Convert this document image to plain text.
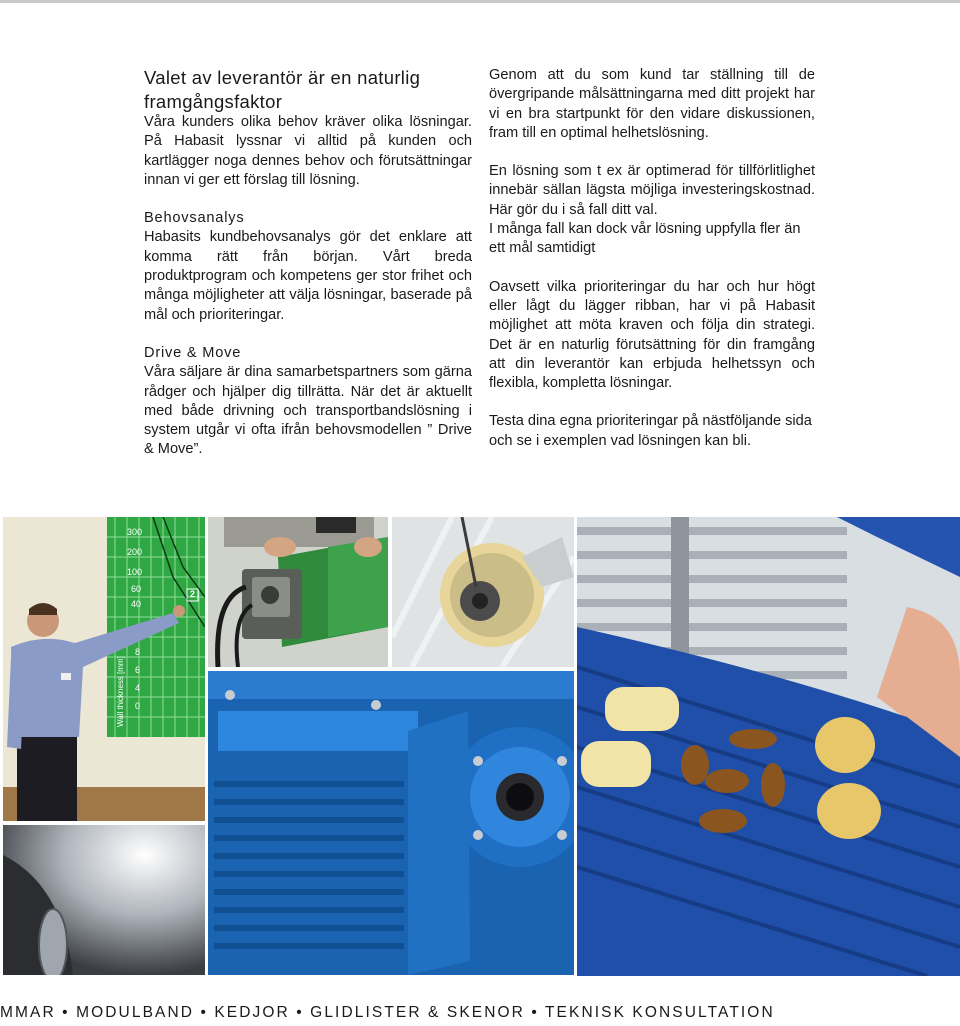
Valet av leverantör är en naturlig

framgångsfaktor

Våra kunders olika behov kräver olika lösningar. På Habasit lyssnar vi alltid på kunden och kartlägger noga dennes behov och förutsättningar innan vi ger ett förslag till lösning.

Behovsanalys

Habasits kundbehovsanalys gör det enklare att komma rätt från början. Vårt breda produktprogram och kompetens ger stor frihet och många möjligheter att välja lösningar, baserade på mål och prioriteringar.

Drive & Move

Våra säljare är dina samarbetspartners som gärna rådger och hjälper dig tillrätta. När det är aktuellt med både drivning och transportbandslösning i system utgår vi ofta ifrån behovsmodellen ” Drive & Move”.

Genom att du som kund tar ställning till de övergripande målsättningarna med ditt projekt har vi en bra startpunkt för den vidare diskussionen, fram till en optimal helhetslösning.

En lösning som t ex är optimerad för tillförlitlighet innebär sällan lägsta möjliga investeringskostnad. Här gör du i så fall ditt val.

I många fall kan dock vår lösning uppfylla fler än ett mål samtidigt

Oavsett vilka prioriteringar du har och hur högt eller lågt du lägger ribban, har vi på Habasit möjlighet att möta kraven och följa din strategi. Det är en naturlig förutsättning för din framgång att din leverantör kan erbjuda helhetssyn och flexibla, kompletta lösningar.

Testa dina egna prioriteringar på nästföljande sida och se i exemplen vad lösningen kan bli.

300
200
100
60
40
8
6
4
0
2
Wall thickness [mm]
MMAR • MODULBAND • KEDJOR • GLIDLISTER & SKENOR • TEKNISK KONSULTATION
